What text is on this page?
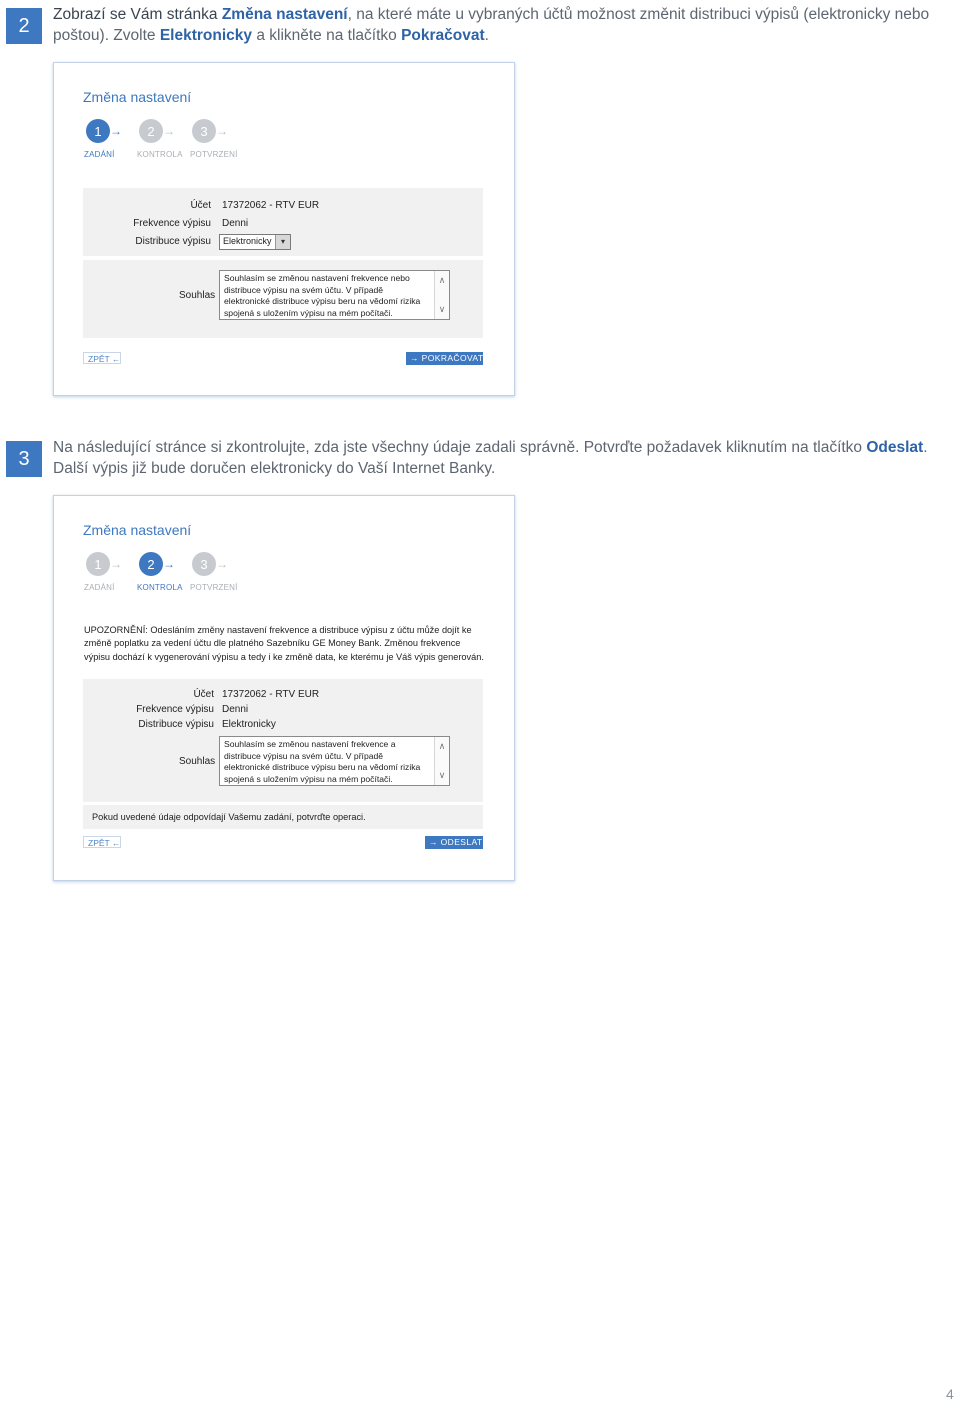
2	Zobrazí se Vám stránka Změna nastavení, na které máte u vybraných účtů možnost změnit distribuci výpisů (elektronicky nebo poštou). Zvolte Elektronicky a klikněte na tlačítko Pokračovat.
Změna nastavení
1 →
ZADÁNÍ
2 →
KONTROLA
3 →
POTVRZENÍ
Účet 17372062 - RTV EUR
Frekvence výpisu Denni
Distribuce výpisu Elektronicky	▾
Souhlas
Souhlasím se změnou nastavení frekvence nebo distribuce výpisu na svém účtu. V případě elektronické distribuce výpisu beru na vědomí rizika spojená s uložením výpisu na mém počítači.
∧
∨
ZPĚT ←	→ POKRAČOVAT
3	Na následující stránce si zkontrolujte, zda jste všechny údaje zadali správně. Potvrďte požadavek kliknutím na tlačítko Odeslat. Další výpis již bude doručen elektronicky do Vaší Internet Banky.
Změna nastavení
1 →
ZADÁNÍ
2 →
KONTROLA
3 →
POTVRZENÍ
UPOZORNĚNÍ: Odesláním změny nastavení frekvence a distribuce výpisu z účtu může dojít ke změně poplatku za vedení účtu dle platného Sazebníku GE Money Bank. Změnou frekvence výpisu dochází k vygenerování výpisu a tedy i ke změně data, ke kterému je Váš výpis generován.
Účet 17372062 - RTV EUR
Frekvence výpisu Denni
Distribuce výpisu Elektronicky
Souhlas
Souhlasím se změnou nastavení frekvence a distribuce výpisu na svém účtu. V případě elektronické distribuce výpisu beru na vědomí rizika spojená s uložením výpisu na mém počítači.
∧
∨
Pokud uvedené údaje odpovídají Vašemu zadání, potvrďte operaci.
ZPĚT ←	→ ODESLAT
4
